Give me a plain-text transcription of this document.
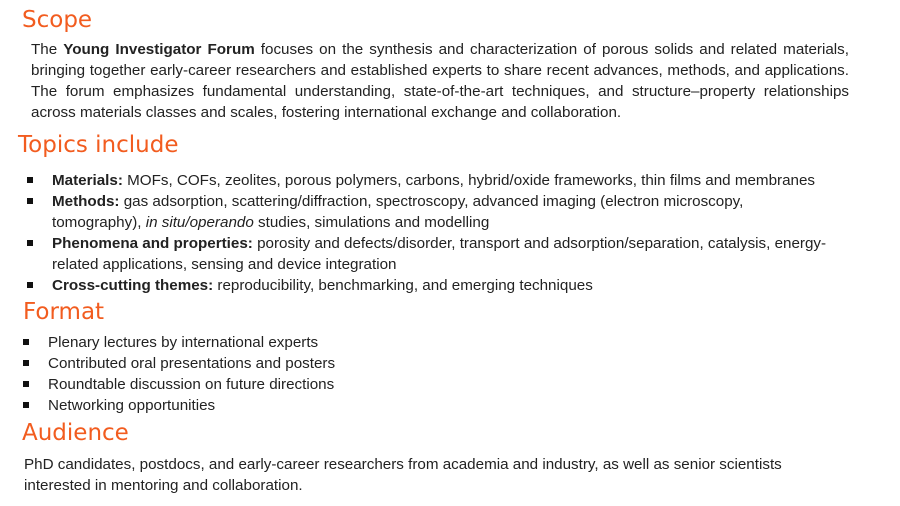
Scope

The Young Investigator Forum focuses on the synthesis and characterization of porous solids and related materials, bringing together early-career researchers and established experts to share recent advances, methods, and applications. The forum emphasizes fundamental understanding, state-of-the-art techniques, and structure–property relationships across materials classes and scales, fostering international exchange and collaboration.

Topics include
Materials: MOFs, COFs, zeolites, porous polymers, carbons, hybrid/oxide frameworks, thin films and membranes
Methods: gas adsorption, scattering/diffraction, spectroscopy, advanced imaging (electron microscopy, tomography), in situ/operando studies, simulations and modelling
Phenomena and properties: porosity and defects/disorder, transport and adsorption/separation, catalysis, energy-related applications, sensing and device integration
Cross-cutting themes: reproducibility, benchmarking, and emerging techniques
Format
Plenary lectures by international experts
Contributed oral presentations and posters
Roundtable discussion on future directions
Networking opportunities
Audience

PhD candidates, postdocs, and early-career researchers from academia and industry, as well as senior scientists interested in mentoring and collaboration.
